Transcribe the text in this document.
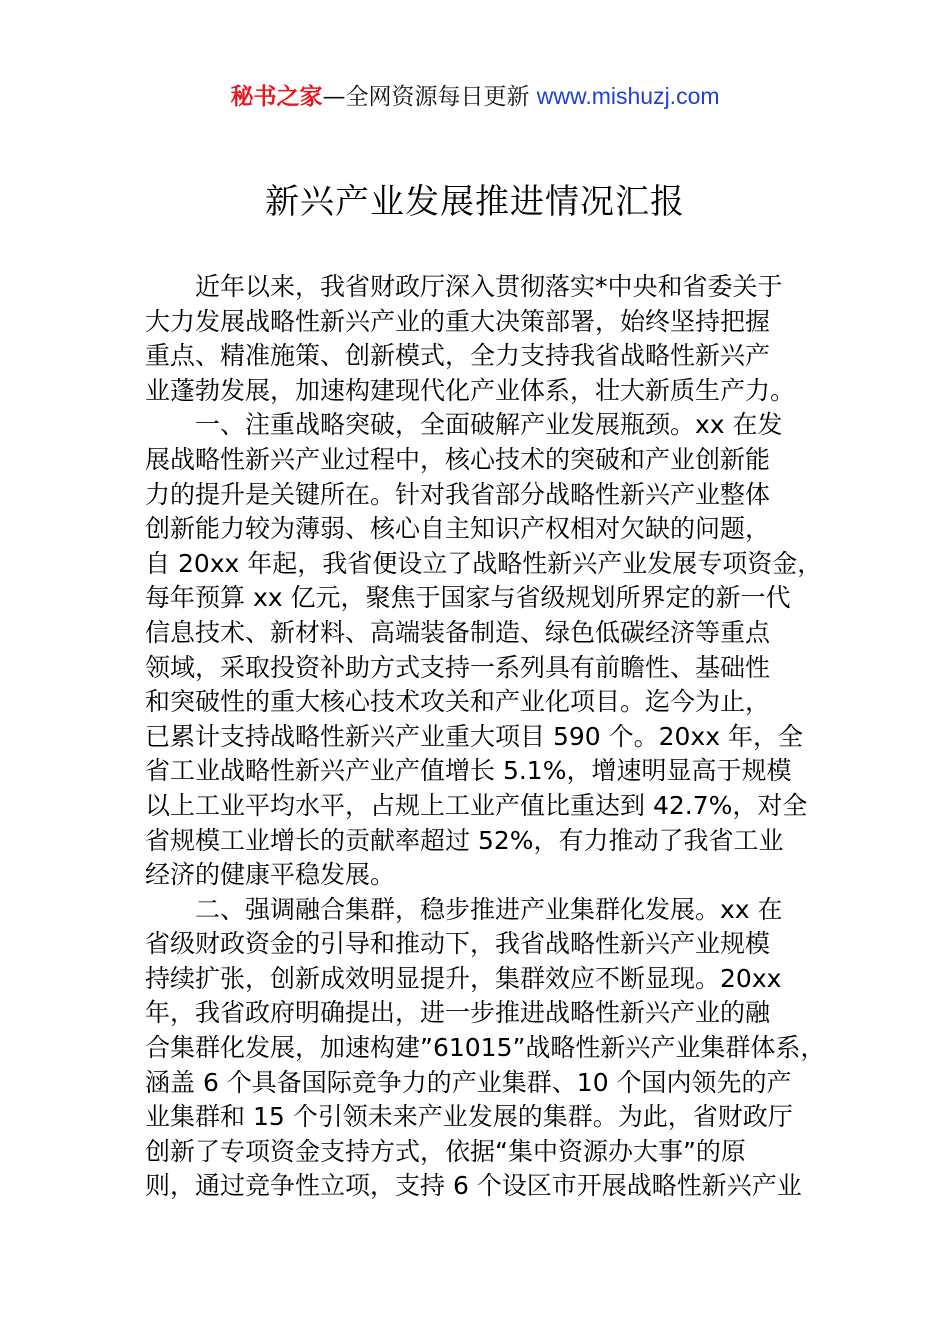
秘书之家—全网资源每日更新 www.mishuzj.com
新兴产业发展推进情况汇报
近年以来，我省财政厅深入贯彻落实*中央和省委关于
大力发展战略性新兴产业的重大决策部署，始终坚持把握
重点、精准施策、创新模式，全力支持我省战略性新兴产
业蓬勃发展，加速构建现代化产业体系，壮大新质生产力。
一、注重战略突破，全面破解产业发展瓶颈。xx 在发
展战略性新兴产业过程中，核心技术的突破和产业创新能
力的提升是关键所在。针对我省部分战略性新兴产业整体
创新能力较为薄弱、核心自主知识产权相对欠缺的问题，
自 20xx 年起，我省便设立了战略性新兴产业发展专项资金，
每年预算 xx 亿元，聚焦于国家与省级规划所界定的新一代
信息技术、新材料、高端装备制造、绿色低碳经济等重点
领域，采取投资补助方式支持一系列具有前瞻性、基础性
和突破性的重大核心技术攻关和产业化项目。迄今为止，
已累计支持战略性新兴产业重大项目 590 个。20xx 年，全
省工业战略性新兴产业产值增长 5.1%，增速明显高于规模
以上工业平均水平，占规上工业产值比重达到 42.7%，对全
省规模工业增长的贡献率超过 52%，有力推动了我省工业
经济的健康平稳发展。
二、强调融合集群，稳步推进产业集群化发展。xx 在
省级财政资金的引导和推动下，我省战略性新兴产业规模
持续扩张，创新成效明显提升，集群效应不断显现。20xx
年，我省政府明确提出，进一步推进战略性新兴产业的融
合集群化发展，加速构建”61015”战略性新兴产业集群体系，
涵盖 6 个具备国际竞争力的产业集群、10 个国内领先的产
业集群和 15 个引领未来产业发展的集群。为此，省财政厅
创新了专项资金支持方式，依据“集中资源办大事”的原
则，通过竞争性立项，支持 6 个设区市开展战略性新兴产业
